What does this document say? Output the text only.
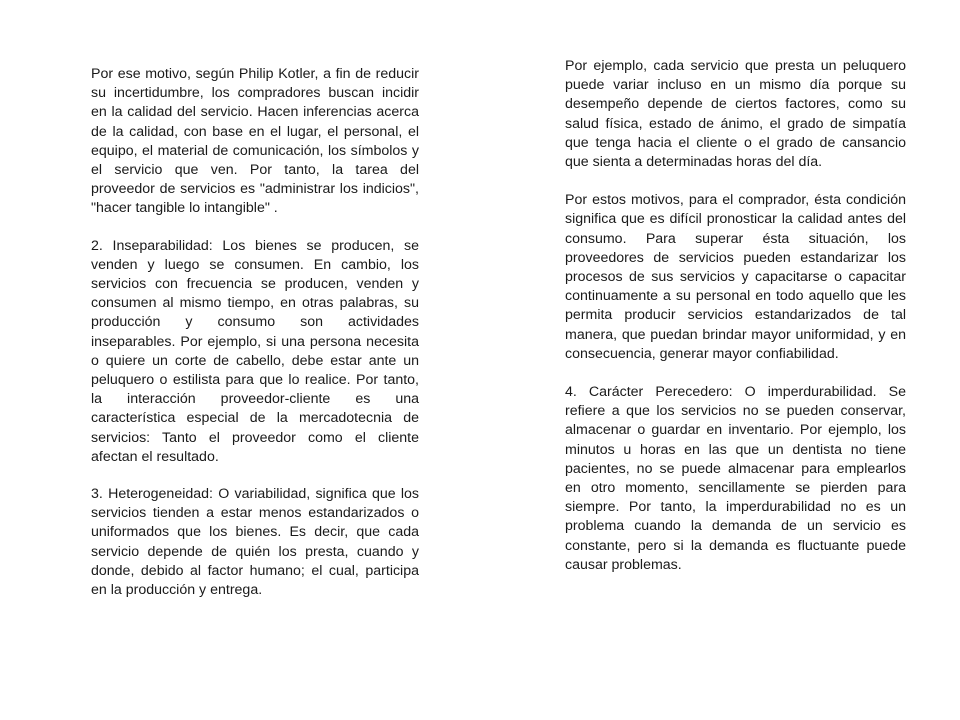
Por ese motivo, según Philip Kotler, a fin de reducir su incertidumbre, los compradores buscan incidir en la calidad del servicio. Hacen inferencias acerca de la calidad, con base en el lugar, el personal, el equipo, el material de comunicación, los símbolos y el servicio que ven. Por tanto, la tarea del proveedor de servicios es "administrar los indicios", "hacer tangible lo intangible" .

2. Inseparabilidad: Los bienes se producen, se venden y luego se consumen. En cambio, los servicios con frecuencia se producen, venden y consumen al mismo tiempo, en otras palabras, su producción y consumo son actividades inseparables. Por ejemplo, si una persona necesita o quiere un corte de cabello, debe estar ante un peluquero o estilista para que lo realice. Por tanto, la interacción proveedor-cliente es una característica especial de la mercadotecnia de servicios: Tanto el proveedor como el cliente afectan el resultado.

3. Heterogeneidad: O variabilidad, significa que los servicios tienden a estar menos estandarizados o uniformados que los bienes. Es decir, que cada servicio depende de quién los presta, cuando y donde, debido al factor humano; el cual, participa en la producción y entrega.

Por ejemplo, cada servicio que presta un peluquero puede variar incluso en un mismo día porque su desempeño depende de ciertos factores, como su salud física, estado de ánimo, el grado de simpatía que tenga hacia el cliente o el grado de cansancio que sienta a determinadas horas del día.

Por estos motivos, para el comprador, ésta condición significa que es difícil pronosticar la calidad antes del consumo. Para superar ésta situación, los proveedores de servicios pueden estandarizar los procesos de sus servicios y capacitarse o capacitar continuamente a su personal en todo aquello que les permita producir servicios estandarizados de tal manera, que puedan brindar mayor uniformidad, y en consecuencia, generar mayor confiabilidad.

4. Carácter Perecedero: O imperdurabilidad. Se refiere a que los servicios no se pueden conservar, almacenar o guardar en inventario. Por ejemplo, los minutos u horas en las que un dentista no tiene pacientes, no se puede almacenar para emplearlos en otro momento, sencillamente se pierden para siempre. Por tanto, la imperdurabilidad no es un problema cuando la demanda de un servicio es constante, pero si la demanda es fluctuante puede causar problemas.
